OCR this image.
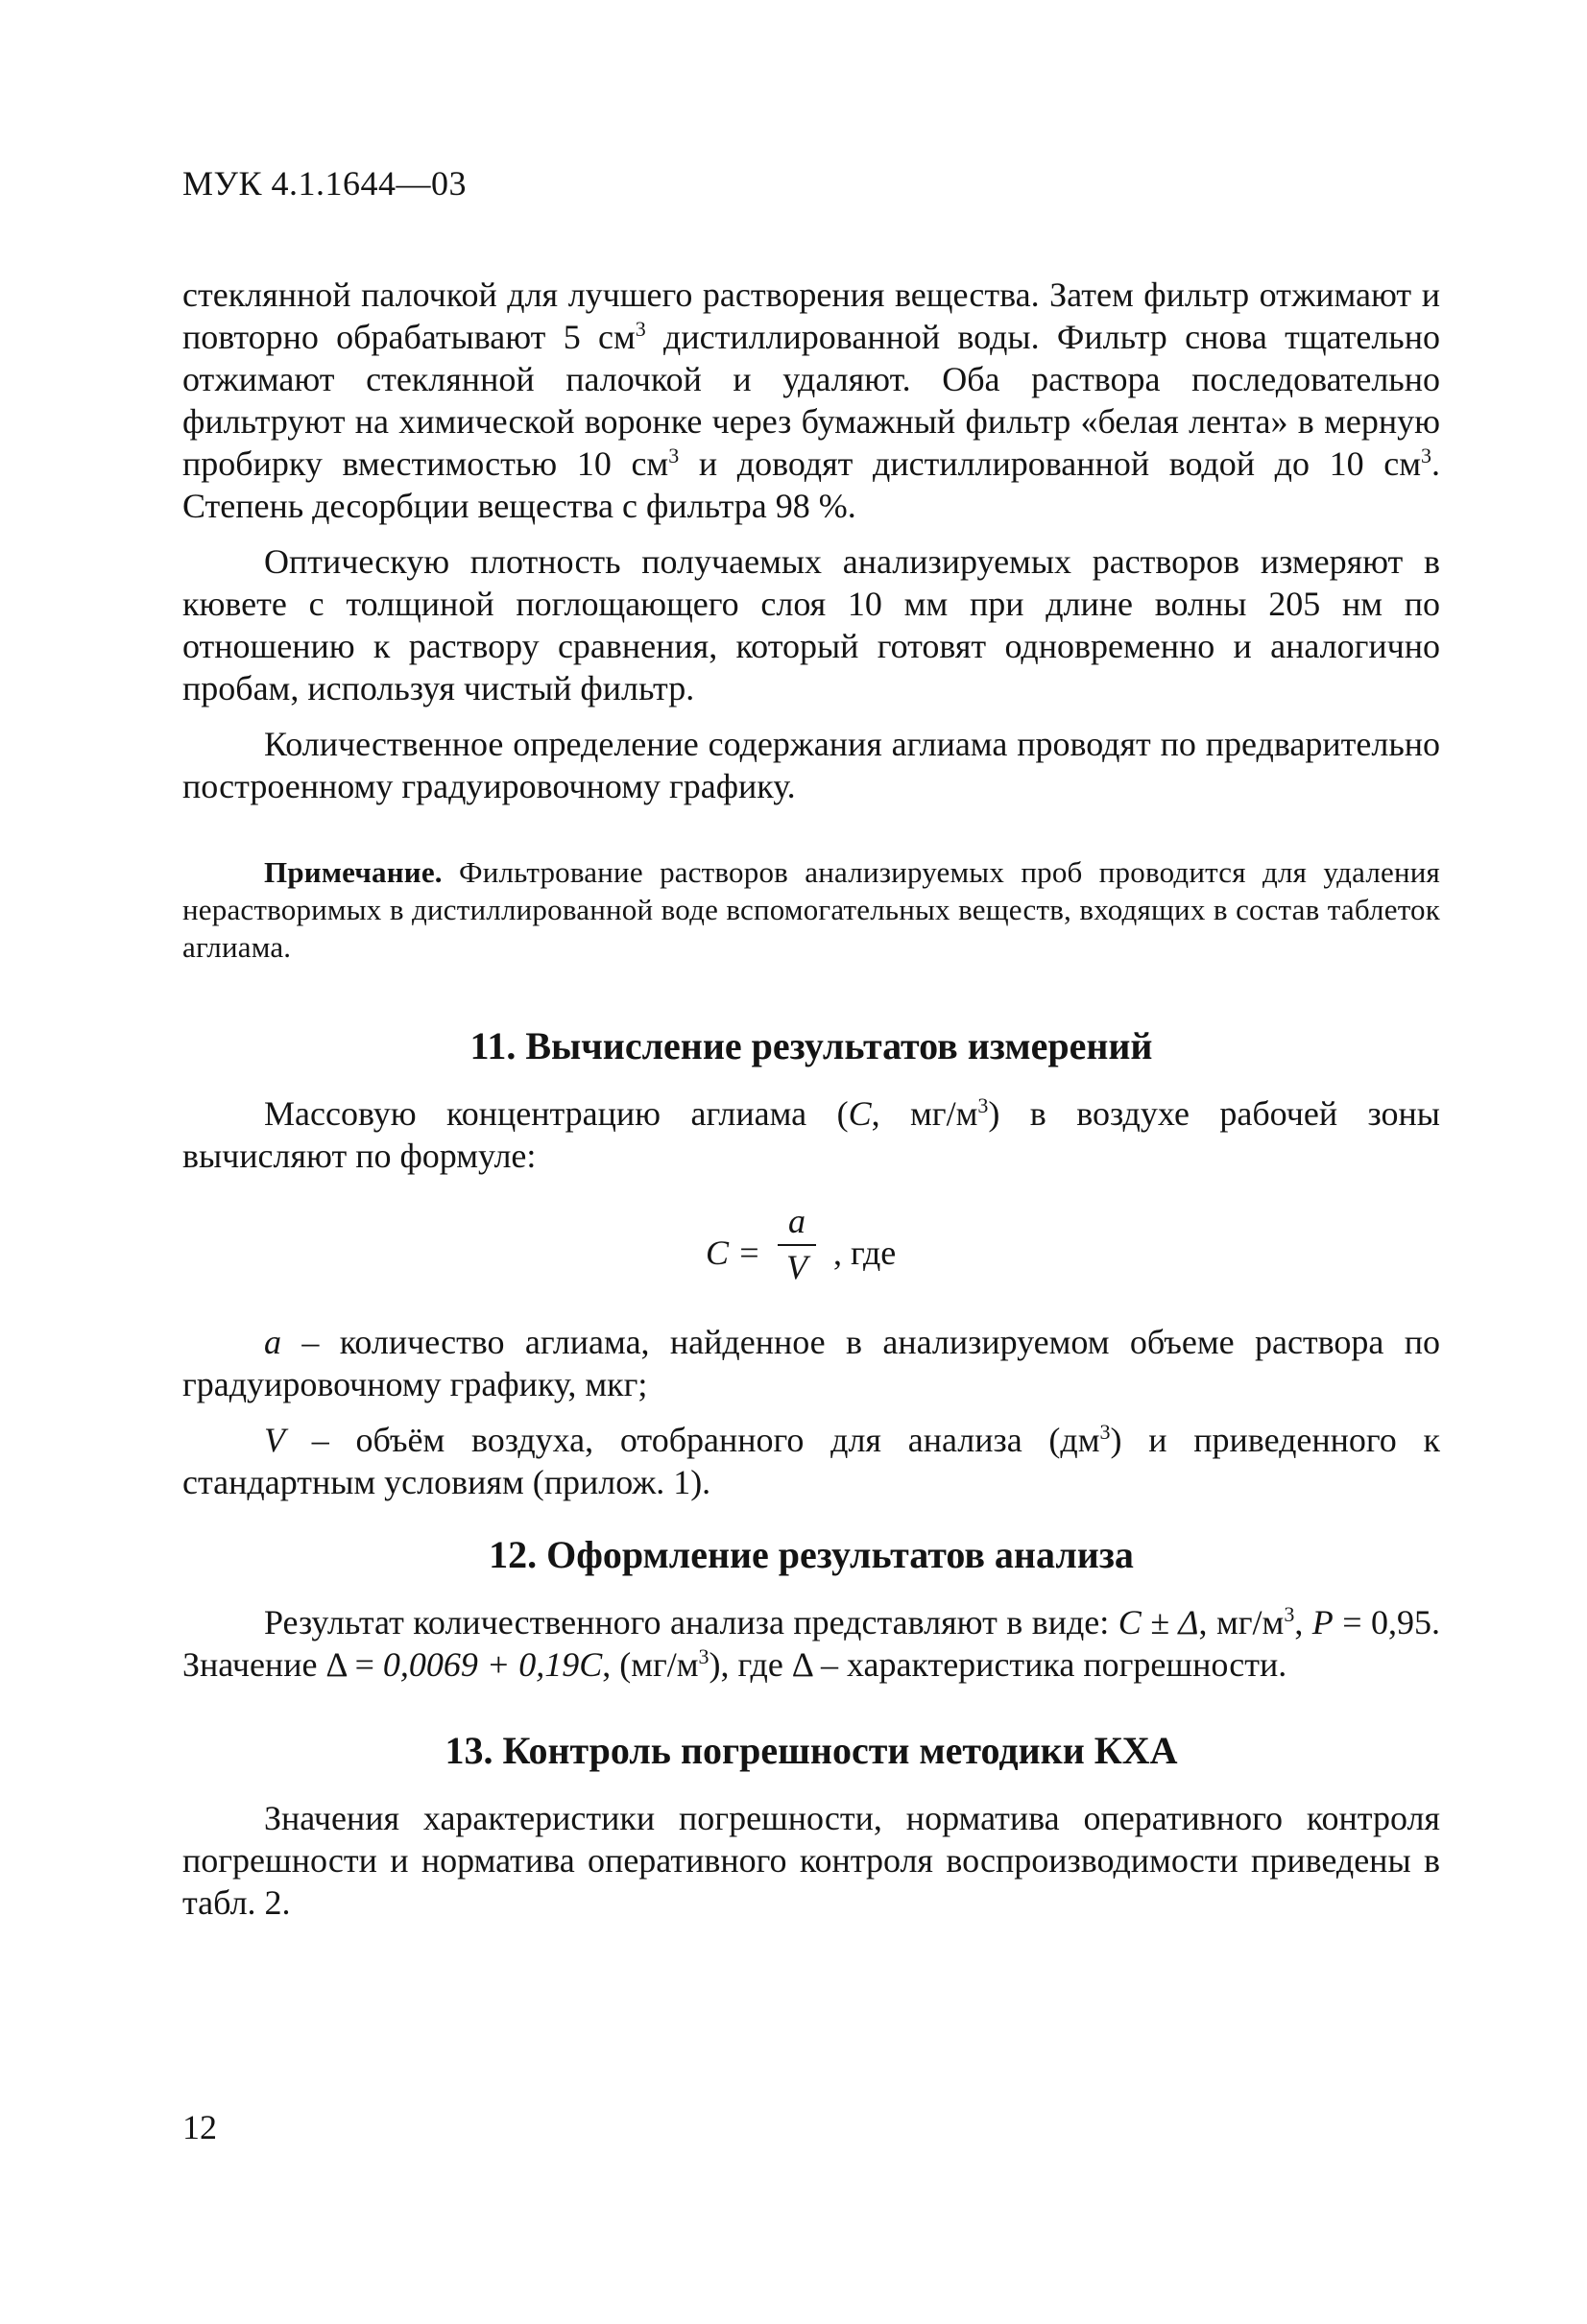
МУК 4.1.1644—03

стеклянной палочкой для лучшего растворения вещества. Затем фильтр отжимают и повторно обрабатывают 5 $см^3$ дистиллированной воды. Фильтр снова тщательно отжимают стеклянной палочкой и удаляют. Оба раствора последовательно фильтруют на химической воронке через бумажный фильтр «белая лента» в мерную пробирку вместимостью 10 $см^3$ и доводят дистиллированной водой до 10 $см^3$. Степень десорбции вещества с фильтра 98 %.

Оптическую плотность получаемых анализируемых растворов измеряют в кювете с толщиной поглощающего слоя 10 мм при длине волны 205 нм по отношению к раствору сравнения, который готовят одновременно и аналогично пробам, используя чистый фильтр.

Количественное определение содержания аглиама проводят по предварительно построенному градуировочному графику.

Примечание. Фильтрование растворов анализируемых проб проводится для удаления нерастворимых в дистиллированной воде вспомогательных веществ, входящих в состав таблеток аглиама.

11. Вычисление результатов измерений

Массовую концентрацию аглиама (C, $мг/м^3$) в воздухе рабочей зоны вычисляют по формуле:

C =
a
V , где

a – количество аглиама, найденное в анализируемом объеме раствора по градуировочному графику, мкг;

V – объём воздуха, отобранного для анализа $(дм^3)$ и приведенного к стандартным условиям (прилож. 1).

12. Оформление результатов анализа

Результат количественного анализа представляют в виде: C ± Δ, $мг/м^3$, P = 0,95. Значение Δ = 0,0069 + 0,19C, $(мг/м^3)$, где Δ – характеристика погрешности.

13. Контроль погрешности методики КХА

Значения характеристики погрешности, норматива оперативного контроля погрешности и норматива оперативного контроля воспроизводимости приведены в табл. 2.

12
